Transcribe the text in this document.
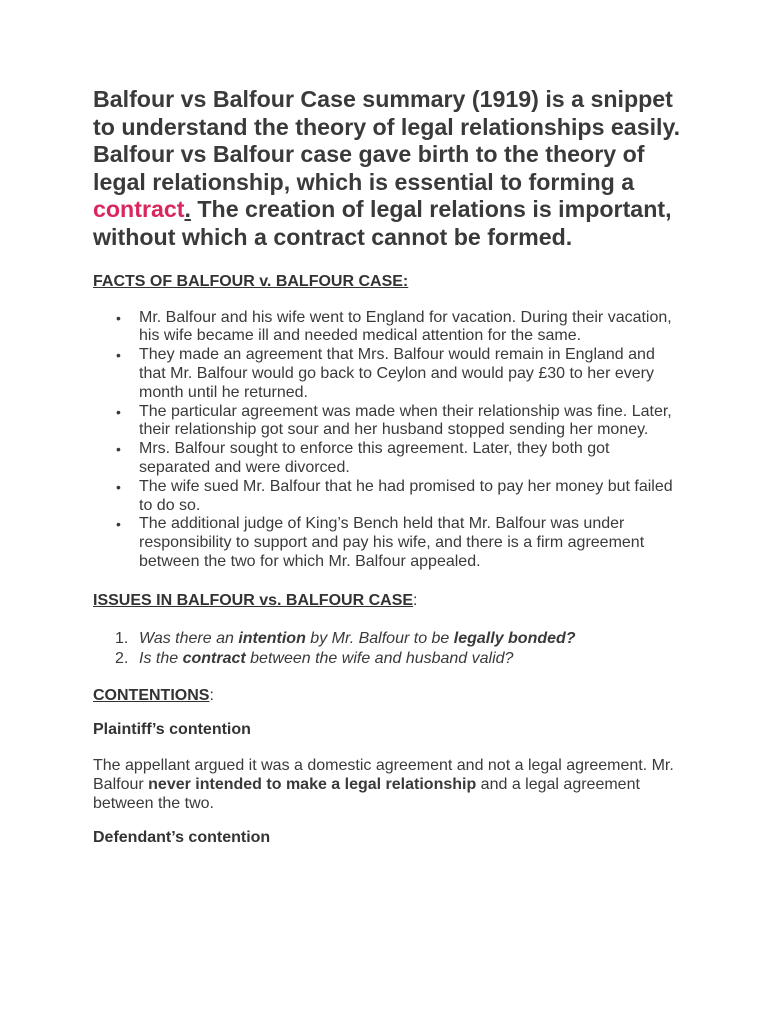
Balfour vs Balfour Case summary (1919) is a snippet to understand the theory of legal relationships easily. Balfour vs Balfour case gave birth to the theory of legal relationship, which is essential to forming a contract. The creation of legal relations is important, without which a contract cannot be formed.

FACTS OF BALFOUR v. BALFOUR CASE:
• Mr. Balfour and his wife went to England for vacation. During their vacation, his wife became ill and needed medical attention for the same.
• They made an agreement that Mrs. Balfour would remain in England and that Mr. Balfour would go back to Ceylon and would pay £30 to her every month until he returned.
• The particular agreement was made when their relationship was fine. Later, their relationship got sour and her husband stopped sending her money.
• Mrs. Balfour sought to enforce this agreement. Later, they both got separated and were divorced.
• The wife sued Mr. Balfour that he had promised to pay her money but failed to do so.
• The additional judge of King’s Bench held that Mr. Balfour was under responsibility to support and pay his wife, and there is a firm agreement between the two for which Mr. Balfour appealed.
ISSUES IN BALFOUR vs. BALFOUR CASE:
1. Was there an intention by Mr. Balfour to be legally bonded?
2. Is the contract between the wife and husband valid?
CONTENTIONS:
Plaintiff’s contention

The appellant argued it was a domestic agreement and not a legal agreement. Mr. Balfour never intended to make a legal relationship and a legal agreement between the two.

Defendant’s contention
